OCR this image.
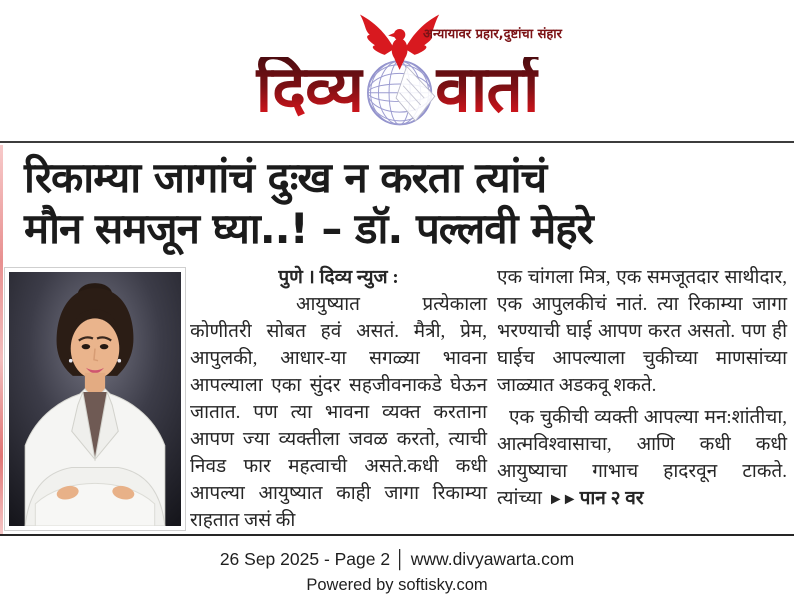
दिव्य वार्ता
अन्यायावर प्रहार,दुष्टांचा संहार
रिकाम्या जागांचं दुःख न करता त्यांचं
मौन समजून घ्या..! – डॉ. पल्लवी मेहरे
पुणे । दिव्य न्युज :
आयुष्यात प्रत्येकाला कोणीतरी सोबत हवं असतं. मैत्री, प्रेम, आपुलकी, आधार-या सगळ्या भावना आपल्याला एका सुंदर सहजीवनाकडे घेऊन जातात. पण त्या भावना व्यक्त करताना आपण ज्या व्यक्तीला जवळ करतो, त्याची निवड फार महत्वाची असते.कधी कधी आपल्या आयुष्यात काही जागा रिकाम्या राहतात जसं की
एक चांगला मित्र, एक समजूतदार साथीदार, एक आपुलकीचं नातं. त्या रिकाम्या जागा भरण्याची घाई आपण करत असतो. पण ही घाईच आपल्याला चुकीच्या माणसांच्या जाळ्यात अडकवू शकते.
एक चुकीची व्यक्ती आपल्या मन:शांतीचा, आत्मविश्वासाचा, आणि कधी कधी आयुष्याचा गाभाच हादरवून टाकते. त्यांच्या ►► पान २ वर
26 Sep 2025 - Page 2 │ www.divyawarta.com
Powered by softisky.com
